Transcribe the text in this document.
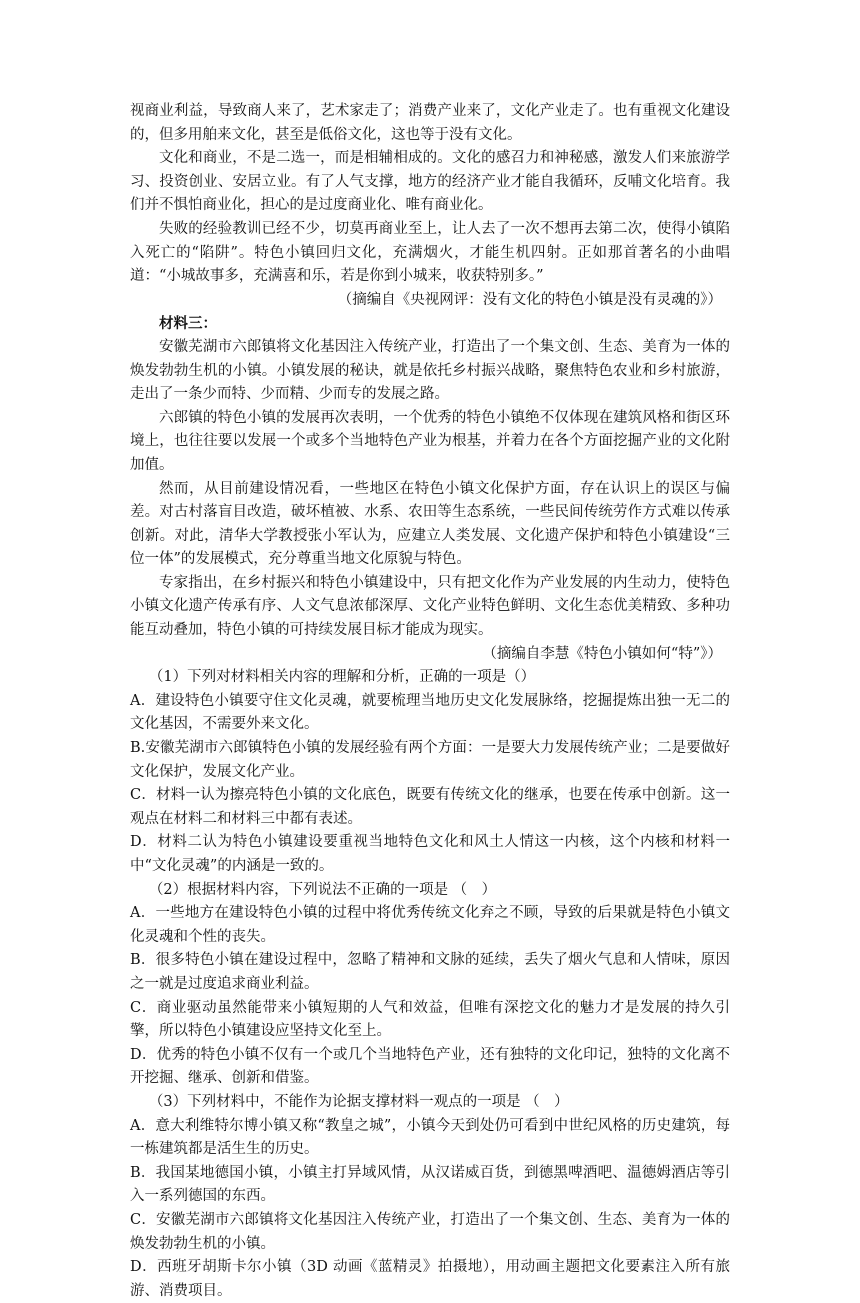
视商业利益，导致商人来了，艺术家走了；消费产业来了，文化产业走了。也有重视文化建设的，但多用舶来文化，甚至是低俗文化，这也等于没有文化。

文化和商业，不是二选一，而是相辅相成的。文化的感召力和神秘感，激发人们来旅游学习、投资创业、安居立业。有了人气支撑，地方的经济产业才能自我循环，反哺文化培育。我们并不惧怕商业化，担心的是过度商业化、唯有商业化。

失败的经验教训已经不少，切莫再商业至上，让人去了一次不想再去第二次，使得小镇陷入死亡的“陷阱”。特色小镇回归文化，充满烟火，才能生机四射。正如那首著名的小曲唱道：“小城故事多，充满喜和乐，若是你到小城来，收获特别多。”

（摘编自《央视网评：没有文化的特色小镇是没有灵魂的》）

材料三：

安徽芜湖市六郎镇将文化基因注入传统产业，打造出了一个集文创、生态、美育为一体的焕发勃勃生机的小镇。小镇发展的秘诀，就是依托乡村振兴战略，聚焦特色农业和乡村旅游，走出了一条少而特、少而精、少而专的发展之路。

六郎镇的特色小镇的发展再次表明，一个优秀的特色小镇绝不仅体现在建筑风格和街区环境上，也往往要以发展一个或多个当地特色产业为根基，并着力在各个方面挖掘产业的文化附加值。

然而，从目前建设情况看，一些地区在特色小镇文化保护方面，存在认识上的误区与偏差。对古村落盲目改造，破坏植被、水系、农田等生态系统，一些民间传统劳作方式难以传承创新。对此，清华大学教授张小军认为，应建立人类发展、文化遗产保护和特色小镇建设“三位一体”的发展模式，充分尊重当地文化原貌与特色。

专家指出，在乡村振兴和特色小镇建设中，只有把文化作为产业发展的内生动力，使特色小镇文化遗产传承有序、人文气息浓郁深厚、文化产业特色鲜明、文化生态优美精致、多种功能互动叠加，特色小镇的可持续发展目标才能成为现实。

（摘编自李慧《特色小镇如何“特”》）

（1）下列对材料相关内容的理解和分析，正确的一项是（）

A．建设特色小镇要守住文化灵魂，就要梳理当地历史文化发展脉络，挖掘提炼出独一无二的文化基因，不需要外来文化。

B.安徽芜湖市六郎镇特色小镇的发展经验有两个方面：一是要大力发展传统产业；二是要做好文化保护，发展文化产业。

C．材料一认为擦亮特色小镇的文化底色，既要有传统文化的继承，也要在传承中创新。这一观点在材料二和材料三中都有表述。

D．材料二认为特色小镇建设要重视当地特色文化和风土人情这一内核，这个内核和材料一中“文化灵魂”的内涵是一致的。

（2）根据材料内容，下列说法不正确的一项是 （　）

A．一些地方在建设特色小镇的过程中将优秀传统文化弃之不顾，导致的后果就是特色小镇文化灵魂和个性的丧失。

B．很多特色小镇在建设过程中，忽略了精神和文脉的延续，丢失了烟火气息和人情味，原因之一就是过度追求商业利益。

C．商业驱动虽然能带来小镇短期的人气和效益，但唯有深挖文化的魅力才是发展的持久引擎，所以特色小镇建设应坚持文化至上。

D．优秀的特色小镇不仅有一个或几个当地特色产业，还有独特的文化印记，独特的文化离不开挖掘、继承、创新和借鉴。

（3）下列材料中，不能作为论据支撑材料一观点的一项是 （　）

A．意大利维特尔博小镇又称“教皇之城”，小镇今天到处仍可看到中世纪风格的历史建筑，每一栋建筑都是活生生的历史。

B．我国某地德国小镇，小镇主打异域风情，从汉诺威百货，到德黑啤酒吧、温德姆酒店等引入一系列德国的东西。

C．安徽芜湖市六郎镇将文化基因注入传统产业，打造出了一个集文创、生态、美育为一体的焕发勃勃生机的小镇。

D．西班牙胡斯卡尔小镇（3D 动画《蓝精灵》拍摄地），用动画主题把文化要素注入所有旅游、消费项目。
